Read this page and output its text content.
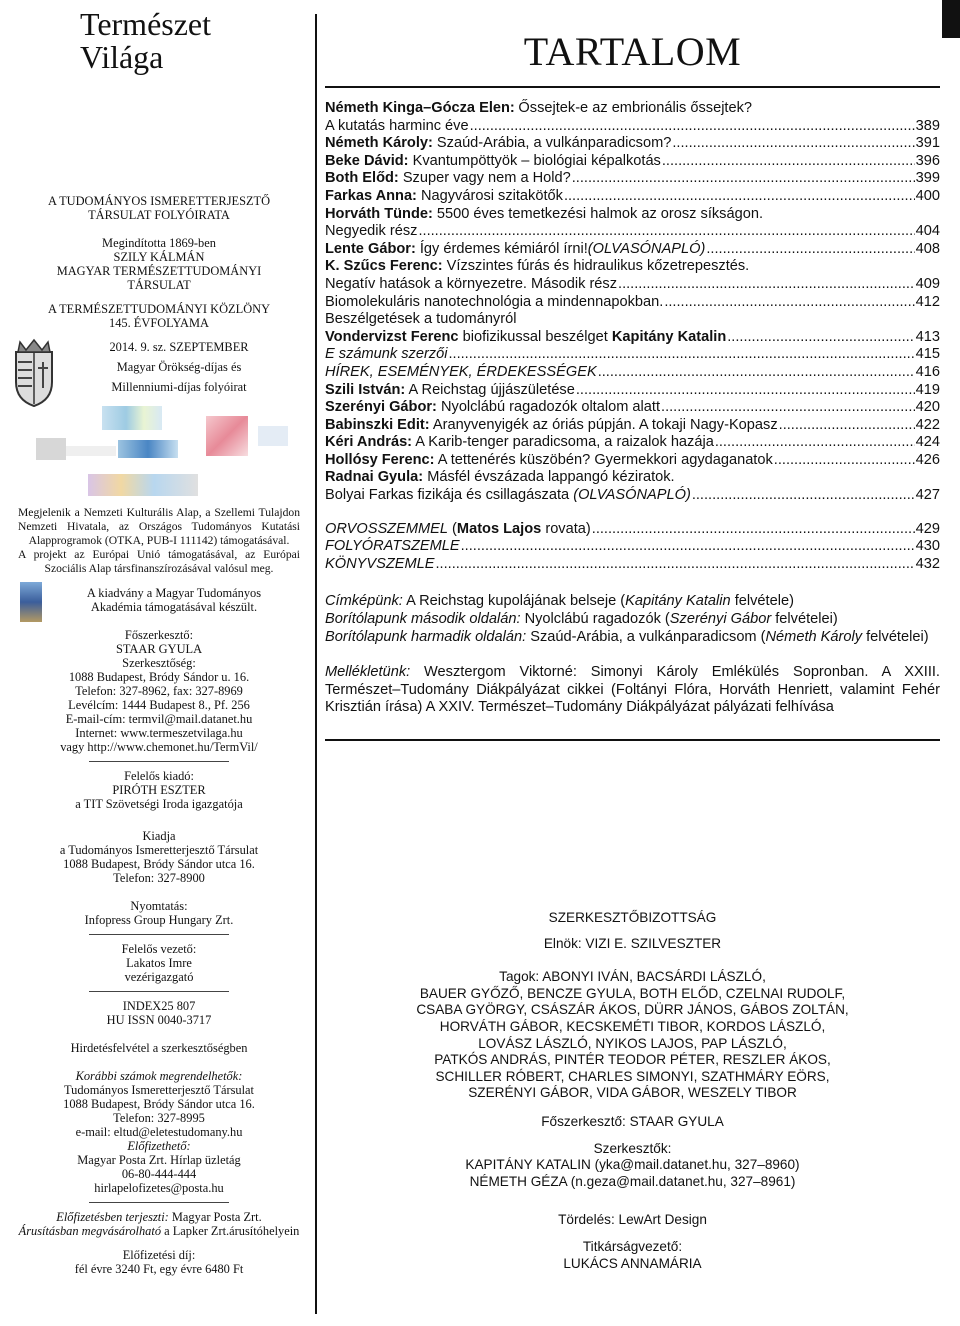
Természet
Világa

A TUDOMÁNYOS ISMERETTERJESZTŐ

TÁRSULAT FOLYÓIRATA

Megindította 1869-ben

SZILY KÁLMÁN

MAGYAR TERMÉSZETTUDOMÁNYI

TÁRSULAT

A TERMÉSZETTUDOMÁNYI KÖZLÖNY

145. ÉVFOLYAMA

2014. 9. sz. SZEPTEMBER

Magyar Örökség-díjas és

Millenniumi-díjas folyóirat

Megjelenik a Nemzeti Kulturális Alap, a Szellemi Tulajdon Nemzeti Hivatala, az Országos Tudományos Kutatási Alapprogramok (OTKA, PUB-I 111142) támogatásával.

A projekt az Európai Unió támogatásával, az Európai Szociális Alap társfinanszírozásával valósul meg.

A kiadvány a Magyar Tudományos

Akadémia támogatásával készült.

Főszerkesztő:

STAAR GYULA

Szerkesztőség:

1088 Budapest, Bródy Sándor u. 16.

Telefon: 327-8962, fax: 327-8969

Levélcím: 1444 Budapest 8., Pf. 256

E-mail-cím: termvil@mail.datanet.hu

Internet: www.termeszetvilaga.hu

vagy http://www.chemonet.hu/TermVil/

Felelős kiadó:

PIRÓTH ESZTER

a TIT Szövetségi Iroda igazgatója

Kiadja

a Tudományos Ismeretterjesztő Társulat

1088 Budapest, Bródy Sándor utca 16.

Telefon: 327-8900

Nyomtatás:

Infopress Group Hungary Zrt.

Felelős vezető:

Lakatos Imre

vezérigazgató

INDEX25 807

HU ISSN 0040-3717

Hirdetésfelvétel a szerkesztőségben

Korábbi számok megrendelhetők:

Tudományos Ismeretterjesztő Társulat

1088 Budapest, Bródy Sándor utca 16.

Telefon: 327-8995

e-mail: eltud@eletestudomany.hu

Előfizethető:

Magyar Posta Zrt. Hírlap üzletág

06-80-444-444

hirlapelofizetes@posta.hu

Előfizetésben terjeszti: Magyar Posta Zrt.

Árusításban megvásárolható a Lapker Zrt.árusítóhelyein

Előfizetési díj:

fél évre 3240 Ft, egy évre 6480 Ft

TARTALOM
Németh Kinga–Gócza Elen: Őssejtek-e az embrionális őssejtek?
A kutatás harminc éve .....	389
Németh Károly: Szaúd-Arábia, a vulkánparadicsom? .....	391
Beke Dávid: Kvantumpöttyök – biológiai képalkotás .....	396
Both Előd: Szuper vagy nem a Hold? .....	399
Farkas Anna: Nagyvárosi szitakötők .....	400
Horváth Tünde: 5500 éves temetkezési halmok az orosz síkságon.
Negyedik rész .....	404
Lente Gábor: Így érdemes kémiáról írni!(OLVASÓNAPLÓ) .....	408
K. Szűcs Ferenc: Vízszintes fúrás és hidraulikus kőzetrepesztés.
Negatív hatások a környezetre. Második rész .....	409
Biomolekuláris nanotechnológia a mindennapokban. .....	412
Beszélgetések a tudományról
Vondervizst Ferenc biofizikussal beszélget Kapitány Katalin .....	413
E számunk szerzői .....	415
HÍREK, ESEMÉNYEK, ÉRDEKESSÉGEK .....	416
Szili István: A Reichstag újjászületése .....	419
Szerényi Gábor: Nyolclábú ragadozók oltalom alatt .....	420
Babinszki Edit: Aranyvenyigék az óriás púpján. A tokaji Nagy-Kopasz .....	422
Kéri András: A Karib-tenger paradicsoma, a raizalok hazája .....	424
Hollósy Ferenc: A tettenérés küszöbén? Gyermekkori agydaganatok .....	426
Radnai Gyula: Másfél évszázada lappangó kéziratok.
Bolyai Farkas fizikája és csillagászata (OLVASÓNAPLÓ) .....	427
ORVOSSZEMMEL (Matos Lajos rovata) .....	429
FOLYÓRATSZEMLE .....	430
KÖNYVSZEMLE .....	432
Címképünk: A Reichstag kupolájának belseje (Kapitány Katalin felvétele)
Borítólapunk második oldalán: Nyolclábú ragadozók (Szerényi Gábor felvételei)
Borítólapunk harmadik oldalán: Szaúd-Arábia, a vulkánparadicsom (Németh Károly felvételei)
Mellékletünk: Wesztergom Viktorné: Simonyi Károly Emlékülés Sopronban. A XXIII. Természet–Tudomány Diákpályázat cikkei (Foltányi Flóra, Horváth Henriett, valamint Fehér Krisztián írása) A XXIV. Természet–Tudomány Diákpályázat pályázati felhívása

SZERKESZTŐBIZOTTSÁG

Elnök: VIZI E. SZILVESZTER

Tagok: ABONYI IVÁN, BACSÁRDI LÁSZLÓ,

BAUER GYŐZŐ, BENCZE GYULA, BOTH ELŐD, CZELNAI RUDOLF,

CSABA GYÖRGY, CSÁSZÁR ÁKOS, DÜRR JÁNOS, GÁBOS ZOLTÁN,

HORVÁTH GÁBOR, KECSKEMÉTI TIBOR, KORDOS LÁSZLÓ,

LOVÁSZ LÁSZLÓ, NYIKOS LAJOS, PAP LÁSZLÓ,

PATKÓS ANDRÁS, PINTÉR TEODOR PÉTER, RESZLER ÁKOS,

SCHILLER RÓBERT, CHARLES SIMONYI, SZATHMÁRY EÖRS,

SZERÉNYI GÁBOR, VIDA GÁBOR, WESZELY TIBOR

Főszerkesztő: STAAR GYULA

Szerkesztők:

KAPITÁNY KATALIN (yka@mail.datanet.hu, 327–8960)

NÉMETH GÉZA (n.geza@mail.datanet.hu, 327–8961)

Tördelés: LewArt Design

Titkárságvezető:

LUKÁCS ANNAMÁRIA
